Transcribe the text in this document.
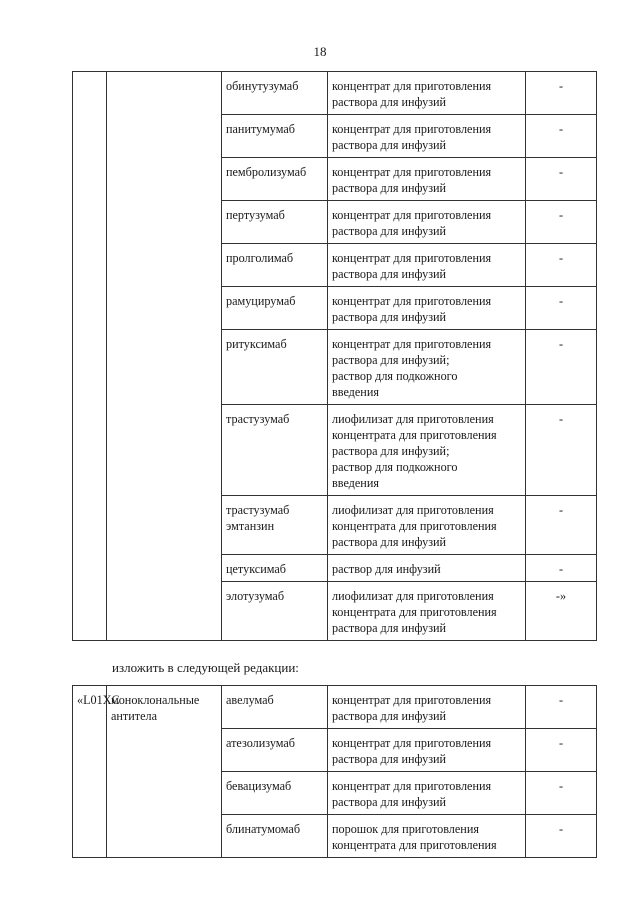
18
		обинутузумаб	концентрат для приготовления
раствора для инфузий	-
		панитумумаб	концентрат для приготовления
раствора для инфузий	-
		пембролизумаб	концентрат для приготовления
раствора для инфузий	-
		пертузумаб	концентрат для приготовления
раствора для инфузий	-
		пролголимаб	концентрат для приготовления
раствора для инфузий	-
		рамуцирумаб	концентрат для приготовления
раствора для инфузий	-
		ритуксимаб	концентрат для приготовления
раствора для инфузий;
раствор для подкожного
введения	-
		трастузумаб	лиофилизат для приготовления
концентрата для приготовления
раствора для инфузий;
раствор для подкожного
введения	-
		трастузумаб эмтанзин	лиофилизат для приготовления
концентрата для приготовления
раствора для инфузий	-
		цетуксимаб	раствор для инфузий	-
		элотузумаб	лиофилизат для приготовления
концентрата для приготовления
раствора для инфузий	-»
изложить в следующей редакции:
«L01XC	моноклональные антитела	авелумаб	концентрат для приготовления
раствора для инфузий	-
		атезолизумаб	концентрат для приготовления
раствора для инфузий	-
		бевацизумаб	концентрат для приготовления
раствора для инфузий	-
		блинатумомаб	порошок для приготовления
концентрата для приготовления	-
